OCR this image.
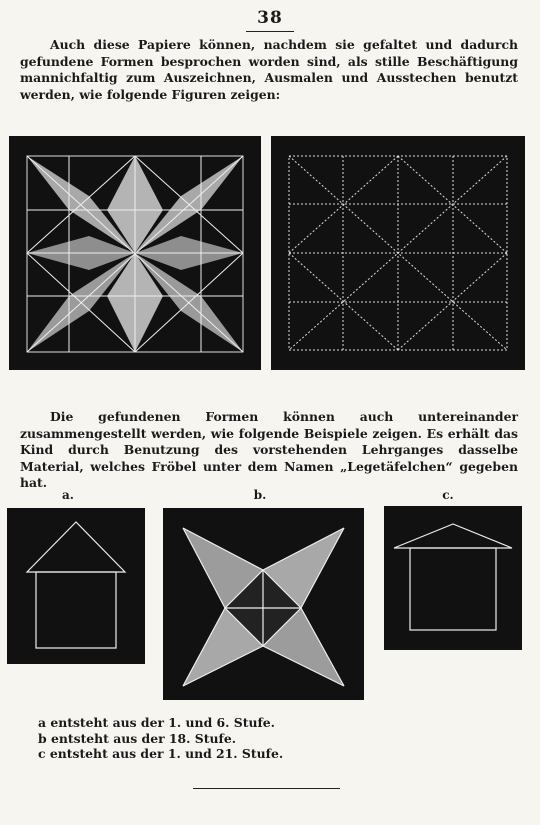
38

Auch diese Papiere können, nachdem sie gefaltet und dadurch gefundene Formen besprochen worden sind, als stille Beschäftigung mannichfaltig zum Auszeichnen, Ausmalen und Ausstechen benutzt werden, wie folgende Figuren zeigen:

Die gefundenen Formen können auch untereinander zusammengestellt werden, wie folgende Beispiele zeigen. Es erhält das Kind durch Benutzung des vorstehenden Lehrganges dasselbe Material, welches Fröbel unter dem Namen „Legetäfelchen“ gegeben hat.

a.	b.	c.
a entsteht aus der 1. und 6. Stufe.
b entsteht aus der 18. Stufe.
c entsteht aus der 1. und 21. Stufe.
